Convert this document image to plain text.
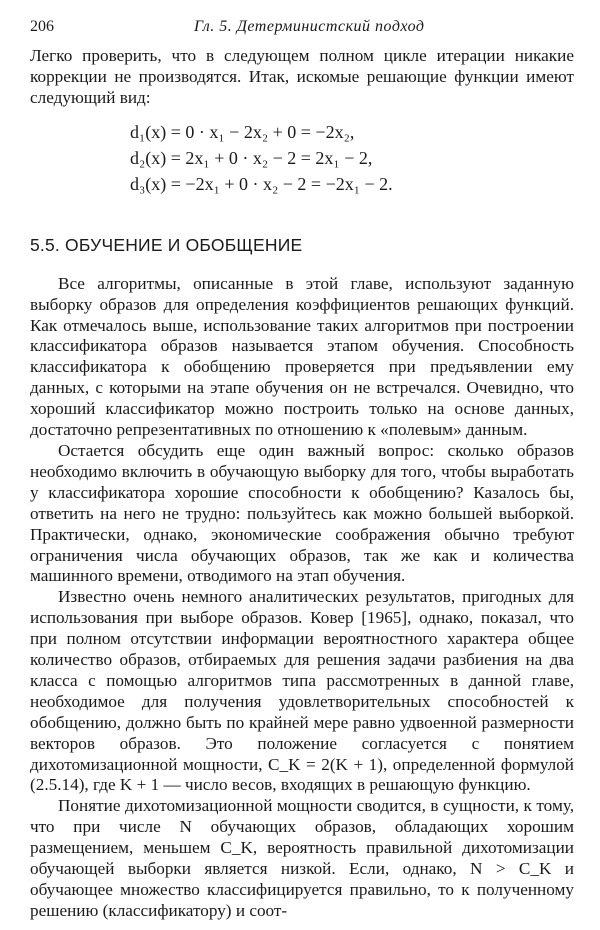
206	Гл. 5. Детерминистский подход

Легко проверить, что в следующем полном цикле итерации никакие коррекции не производятся. Итак, искомые решающие функции имеют следующий вид:

d₁(x) = 0 · x₁ − 2x₂ + 0 = −2x₂,
d₂(x) = 2x₁ + 0 · x₂ − 2 = 2x₁ − 2,
d₃(x) = −2x₁ + 0 · x₂ − 2 = −2x₁ − 2.
5.5. ОБУЧЕНИЕ И ОБОБЩЕНИЕ

Все алгоритмы, описанные в этой главе, используют заданную выборку образов для определения коэффициентов решающих функций. Как отмечалось выше, использование таких алгоритмов при построении классификатора образов называется этапом обучения. Способность классификатора к обобщению проверяется при предъявлении ему данных, с которыми на этапе обучения он не встречался. Очевидно, что хороший классификатор можно построить только на основе данных, достаточно репрезентативных по отношению к «полевым» данным.

Остается обсудить еще один важный вопрос: сколько образов необходимо включить в обучающую выборку для того, чтобы выработать у классификатора хорошие способности к обобщению? Казалось бы, ответить на него не трудно: пользуйтесь как можно большей выборкой. Практически, однако, экономические соображения обычно требуют ограничения числа обучающих образов, так же как и количества машинного времени, отводимого на этап обучения.

Известно очень немного аналитических результатов, пригодных для использования при выборе образов. Ковер [1965], однако, показал, что при полном отсутствии информации вероятностного характера общее количество образов, отбираемых для решения задачи разбиения на два класса с помощью алгоритмов типа рассмотренных в данной главе, необходимое для получения удовлетворительных способностей к обобщению, должно быть по крайней мере равно удвоенной размерности векторов образов. Это положение согласуется с понятием дихотомизационной мощности, C_K = 2(K + 1), определенной формулой (2.5.14), где K + 1 — число весов, входящих в решающую функцию.

Понятие дихотомизационной мощности сводится, в сущности, к тому, что при числе N обучающих образов, обладающих хорошим размещением, меньшем C_K, вероятность правильной дихотомизации обучающей выборки является низкой. Если, однако, N > C_K и обучающее множество классифицируется правильно, то к полученному решению (классификатору) и соот-
